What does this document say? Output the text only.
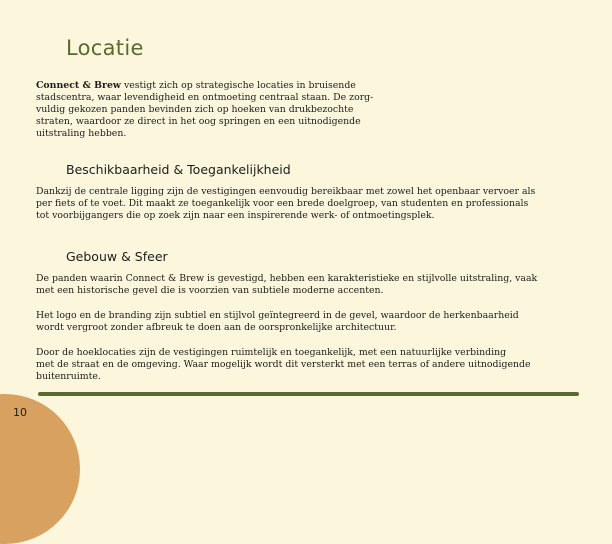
Locatie

Connect & Brew vestigt zich op strategische locaties in bruisende
stadscentra, waar levendigheid en ontmoeting centraal staan. De zorg-
vuldig gekozen panden bevinden zich op hoeken van drukbezochte
straten, waardoor ze direct in het oog springen en een uitnodigende
uitstraling hebben.

Beschikbaarheid & Toegankelijkheid

Dankzij de centrale ligging zijn de vestigingen eenvoudig bereikbaar met zowel het openbaar vervoer als
per fiets of te voet. Dit maakt ze toegankelijk voor een brede doelgroep, van studenten en professionals
tot voorbijgangers die op zoek zijn naar een inspirerende werk- of ontmoetingsplek.

Gebouw & Sfeer

De panden waarin Connect & Brew is gevestigd, hebben een karakteristieke en stijlvolle uitstraling, vaak
met een historische gevel die is voorzien van subtiele moderne accenten.

Het logo en de branding zijn subtiel en stijlvol geïntegreerd in de gevel, waardoor de herkenbaarheid
wordt vergroot zonder afbreuk te doen aan de oorspronkelijke architectuur.

Door de hoeklocaties zijn de vestigingen ruimtelijk en toegankelijk, met een natuurlijke verbinding
met de straat en de omgeving. Waar mogelijk wordt dit versterkt met een terras of andere uitnodigende
buitenruimte.

10
